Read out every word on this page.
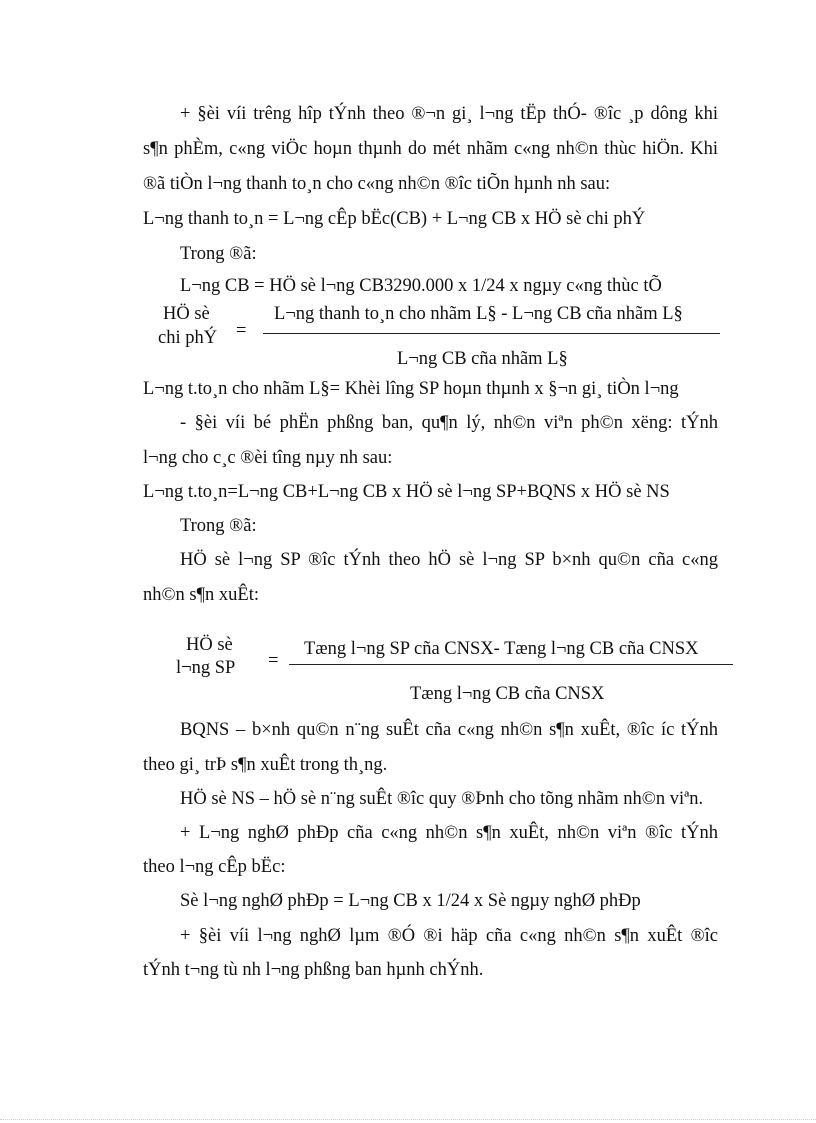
+ §èi víi trêng hîp tÝnh theo ®¬n gi¸ l¬ng tËp thÓ- ®îc ¸p dông khi
s¶n phÈm, c«ng viÖc hoµn thµnh do mét nhãm c«ng nh©n thùc hiÖn. Khi
®ã tiÒn l¬ng thanh to¸n cho c«ng nh©n ®îc tiÕn hµnh nh sau:
L¬ng thanh to¸n = L¬ng cÊp bËc(CB) + L¬ng CB x HÖ sè chi phÝ
Trong ®ã:
L¬ng CB = HÖ sè l¬ng CB3290.000 x 1/24 x ngµy c«ng thùc tÕ
HÖ sè
chi phÝ =
L¬ng thanh to¸n cho nhãm L§ - L¬ng CB cña nhãm L§
L¬ng CB cña nhãm L§
L¬ng t.to¸n cho nhãm L§= Khèi lîng SP hoµn thµnh x §¬n gi¸ tiÒn l¬ng
- §èi víi bé phËn phßng ban, qu¶n lý, nh©n viªn ph©n xëng: tÝnh
l¬ng cho c¸c ®èi tîng nµy nh sau:
L¬ng t.to¸n=L¬ng CB+L¬ng CB x HÖ sè l¬ng SP+BQNS x HÖ sè NS
Trong ®ã:
HÖ sè l¬ng SP ®îc tÝnh theo hÖ sè l¬ng SP b×nh qu©n cña c«ng
nh©n s¶n xuÊt:
HÖ sè
l¬ng SP =
Tæng l¬ng SP cña CNSX- Tæng l¬ng CB cña CNSX
Tæng l¬ng CB cña CNSX
BQNS – b×nh qu©n n¨ng suÊt cña c«ng nh©n s¶n xuÊt, ®îc íc tÝnh
theo gi¸ trÞ s¶n xuÊt trong th¸ng.
HÖ sè NS – hÖ sè n¨ng suÊt ®îc quy ®Þnh cho tõng nhãm nh©n viªn.
+ L¬ng nghØ phÐp cña c«ng nh©n s¶n xuÊt, nh©n viªn ®îc tÝnh
theo l¬ng cÊp bËc:
Sè l¬ng nghØ phÐp = L¬ng CB x 1/24 x Sè ngµy nghØ phÐp
+ §èi víi l¬ng nghØ lµm ®Ó ®i häp cña c«ng nh©n s¶n xuÊt ®îc
tÝnh t¬ng tù nh l¬ng phßng ban hµnh chÝnh.
